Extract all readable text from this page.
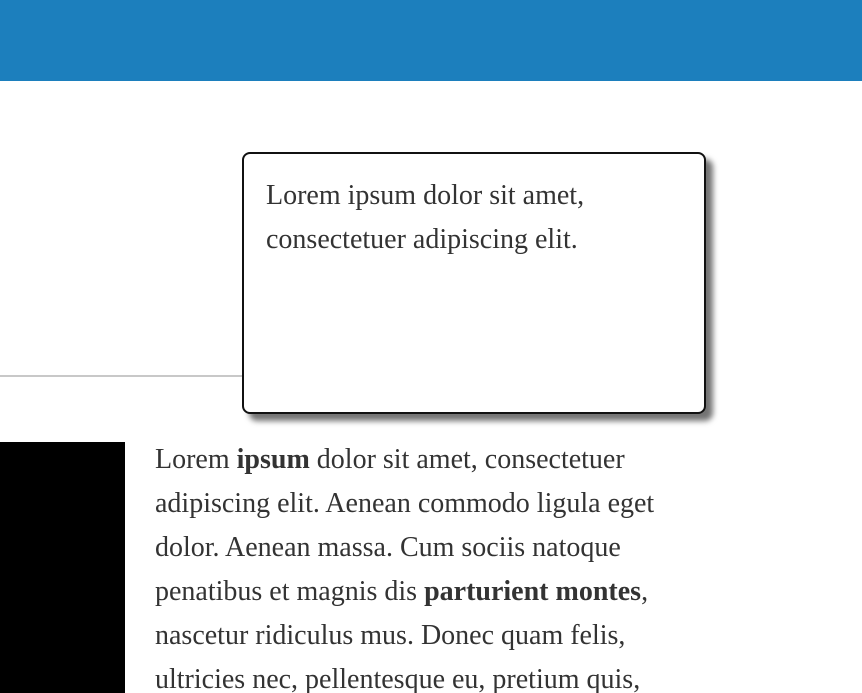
Lorem ipsum dolor sit amet, consectetuer adipiscing elit.

Lorem ipsum dolor sit amet, consectetuer adipiscing elit. Aenean commodo ligula eget dolor. Aenean massa. Cum sociis natoque penatibus et magnis dis parturient montes, nascetur ridiculus mus. Donec quam felis, ultricies nec, pellentesque eu, pretium quis,
